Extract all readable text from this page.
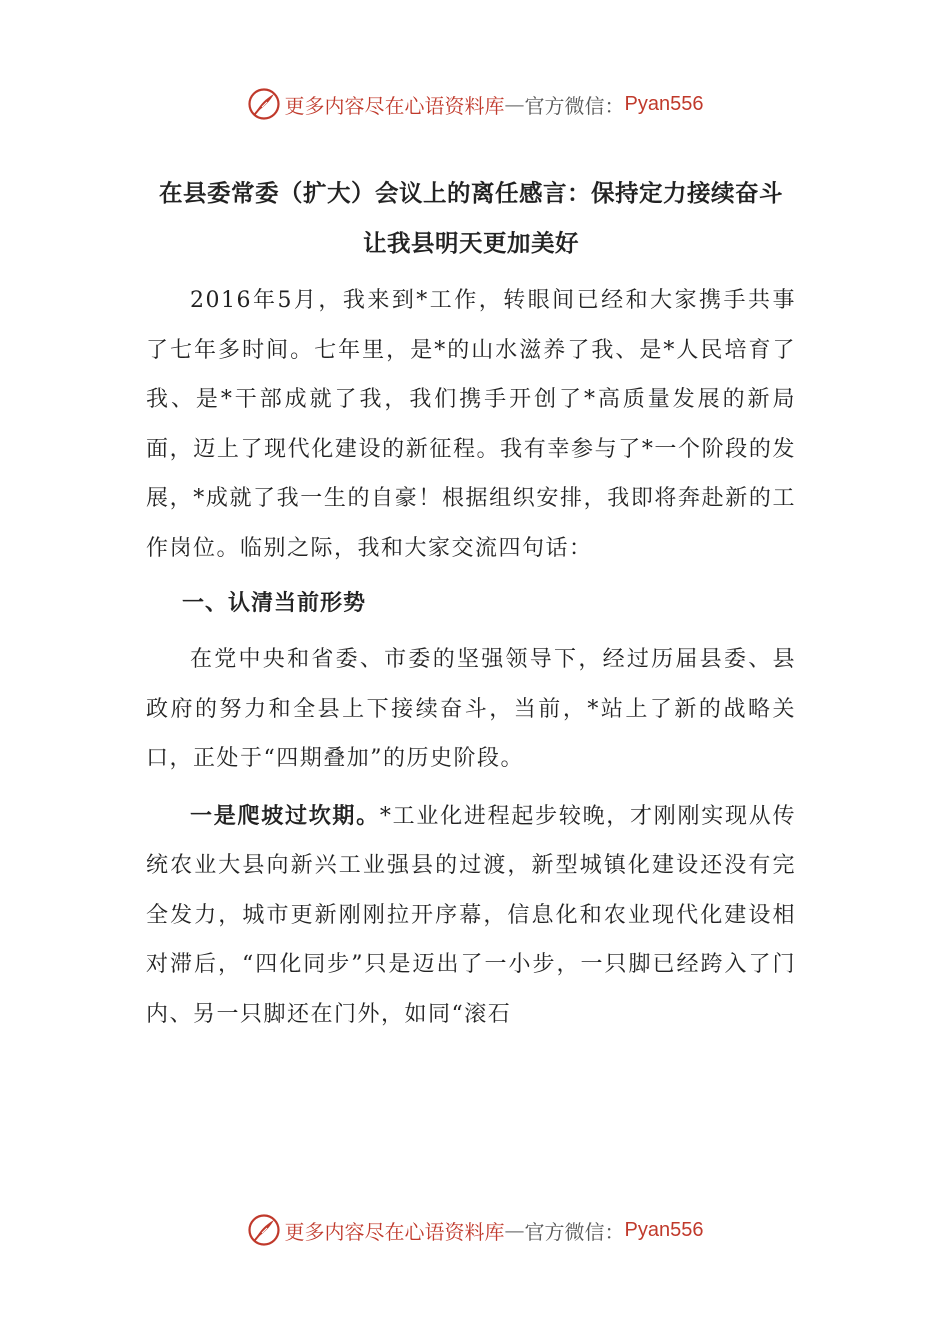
更多内容尽在心语资料库 — 官方微信： Pyan556
在县委常委（扩大）会议上的离任感言：保持定力接续奋斗 让我县明天更加美好

2016年5月，我来到*工作，转眼间已经和大家携手共事了七年多时间。七年里，是*的山水滋养了我、是*人民培育了我、是*干部成就了我，我们携手开创了*高质量发展的新局面，迈上了现代化建设的新征程。我有幸参与了*一个阶段的发展，*成就了我一生的自豪！根据组织安排，我即将奔赴新的工作岗位。临别之际，我和大家交流四句话：

一、认清当前形势

在党中央和省委、市委的坚强领导下，经过历届县委、县政府的努力和全县上下接续奋斗，当前，*站上了新的战略关口，正处于“四期叠加”的历史阶段。

一是爬坡过坎期。*工业化进程起步较晚，才刚刚实现从传统农业大县向新兴工业强县的过渡，新型城镇化建设还没有完全发力，城市更新刚刚拉开序幕，信息化和农业现代化建设相对滞后，“四化同步”只是迈出了一小步，一只脚已经跨入了门内、另一只脚还在门外，如同“滚石

更多内容尽在心语资料库 — 官方微信： Pyan556
